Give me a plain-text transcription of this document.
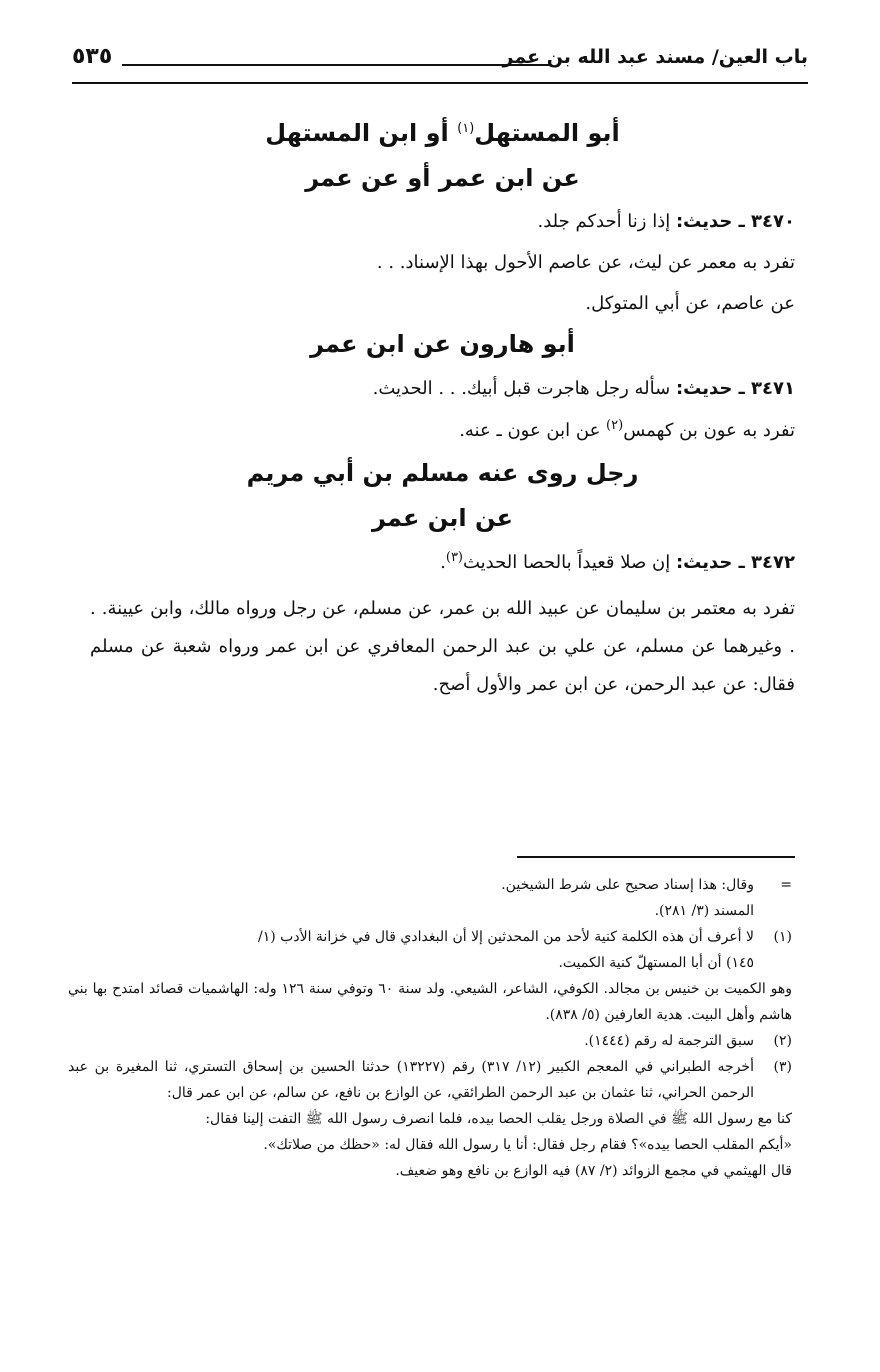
باب العين/ مسند عبد الله بن عمر
٥٣٥
أبو المستهل$^{(١)}$ أو ابن المستهل
عن ابن عمر أو عن عمر
٣٤٧٠ ـ حديث: إذا زنا أحدكم جلد.
تفرد به معمر عن ليث، عن عاصم الأحول بهذا الإسناد. . .
عن عاصم، عن أبي المتوكل.
أبو هارون عن ابن عمر
٣٤٧١ ـ حديث: سأله رجل هاجرت قبل أبيك. . . الحديث.
تفرد به عون بن كهمس$^{(٢)}$ عن ابن عون ـ عنه.
رجل روى عنه مسلم بن أبي مريم
عن ابن عمر
٣٤٧٢ ـ حديث: إن صلا قعيداً بالحصا الحديث$^{(٣)}$.
تفرد به معتمر بن سليمان عن عبيد الله بن عمر، عن مسلم، عن رجل ورواه مالك، وابن عيينة. . . وغيرهما عن مسلم، عن علي بن عبد الرحمن المعافري عن ابن عمر ورواه شعبة عن مسلم فقال: عن عبد الرحمن، عن ابن عمر والأول أصح.
=
وقال: هذا إسناد صحيح على شرط الشيخين.
المسند (٣/ ٢٨١).
(١)
لا أعرف أن هذه الكلمة كنية لأحد من المحدثين إلا أن البغدادي قال في خزانة الأدب (١/
١٤٥) أن أبا المستهلّ كنية الكميت.
وهو الكميت بن خنيس بن مجالد. الكوفي، الشاعر، الشيعي. ولد سنة ٦٠ وتوفي سنة ١٢٦ وله: الهاشميات قصائد امتدح بها بني هاشم وأهل البيت. هدية العارفين (٥/ ٨٣٨).
(٢)
سبق الترجمة له رقم (١٤٤٤).
(٣)
أخرجه الطبراني في المعجم الكبير (١٢/ ٣١٧) رقم (١٣٢٢٧) حدثنا الحسين بن إسحاق التستري، ثنا المغيرة بن عبد الرحمن الحراني، ثنا عثمان بن عبد الرحمن الطرائقي، عن الوازع بن نافع، عن سالم، عن ابن عمر قال:
كنا مع رسول الله ﷺ في الصلاة ورجل يقلب الحصا بيده، فلما انصرف رسول الله ﷺ التفت إلينا فقال:
«أيكم المقلب الحصا بيده»؟ فقام رجل فقال: أنا يا رسول الله فقال له: «حظك من صلاتك».
قال الهيثمي في مجمع الزوائد (٢/ ٨٧) فيه الوازع بن نافع وهو ضعيف.
